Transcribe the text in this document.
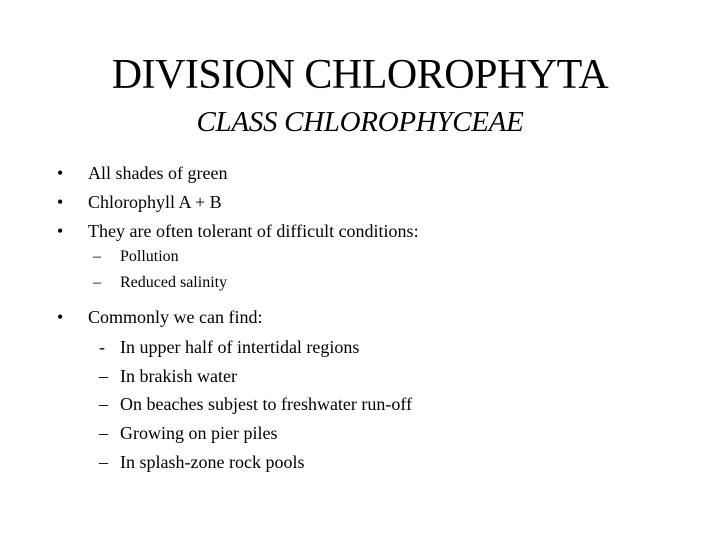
DIVISION CHLOROPHYTA
CLASS CHLOROPHYCEAE
• All shades of green
• Chlorophyll A + B
• They are often tolerant of difficult conditions:
– Pollution
– Reduced salinity
• Commonly we can find:
- In upper half of intertidal regions
– In brakish water
– On beaches subjest to freshwater run-off
– Growing on pier piles
– In splash-zone rock pools
